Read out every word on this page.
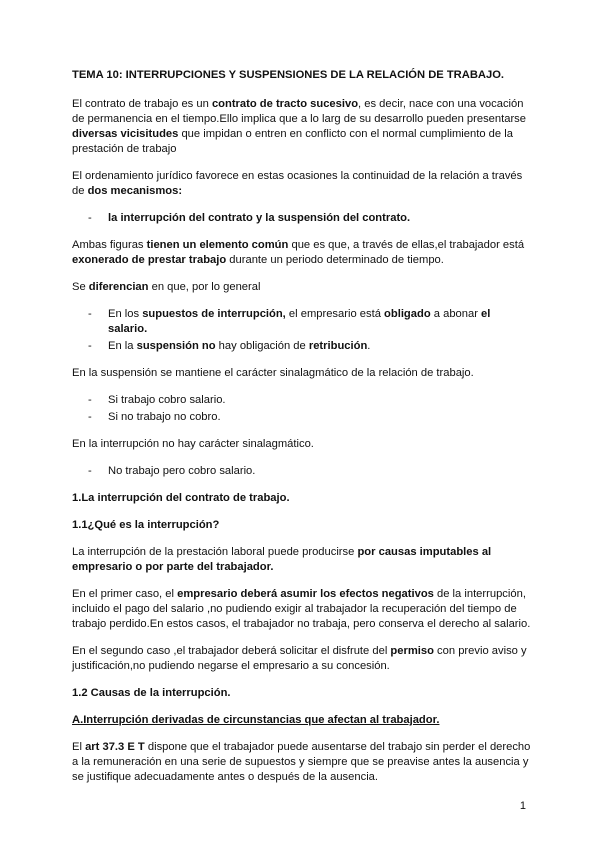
TEMA 10: INTERRUPCIONES Y SUSPENSIONES DE LA RELACIÓN DE TRABAJO.

El contrato de trabajo es un contrato de tracto sucesivo, es decir, nace con una vocación de permanencia en el tiempo.Ello implica que a lo larg de su desarrollo pueden presentarse diversas vicisitudes que impidan o entren en conflicto con el normal cumplimiento de la prestación de trabajo

El ordenamiento jurídico favorece en estas ocasiones la continuidad de la relación a través de dos mecanismos:

- la interrupción del contrato y la suspensión del contrato.

Ambas figuras tienen un elemento común que es que, a través de ellas,el trabajador está exonerado de prestar trabajo durante un periodo determinado de tiempo.

Se diferencian en que, por lo general

- En los supuestos de interrupción, el empresario está obligado a abonar el salario.
- En la suspensión no hay obligación de retribución.

En la suspensión se mantiene el carácter sinalagmático de la relación de trabajo.

- Si trabajo cobro salario.
- Si no trabajo no cobro.

En la interrupción no hay carácter sinalagmático.

- No trabajo pero cobro salario.
1.La interrupción del contrato de trabajo.
1.1¿Qué es la interrupción?

La interrupción de la prestación laboral puede producirse por causas imputables al empresario o por parte del trabajador.

En el primer caso, el empresario deberá asumir los efectos negativos de la interrupción, incluido el pago del salario ,no pudiendo exigir al trabajador la recuperación del tiempo de trabajo perdido.En estos casos, el trabajador no trabaja, pero conserva el derecho al salario.

En el segundo caso ,el trabajador deberá solicitar el disfrute del permiso con previo aviso y justificación,no pudiendo negarse el empresario a su concesión.

1.2 Causas de la interrupción.
A.Interrupción derivadas de circunstancias que afectan al trabajador.

El art 37.3 E T dispone que el trabajador puede ausentarse del trabajo sin perder el derecho a la remuneración en una serie de supuestos y siempre que se preavise antes la ausencia y se justifique adecuadamente antes o después de la ausencia.

1
